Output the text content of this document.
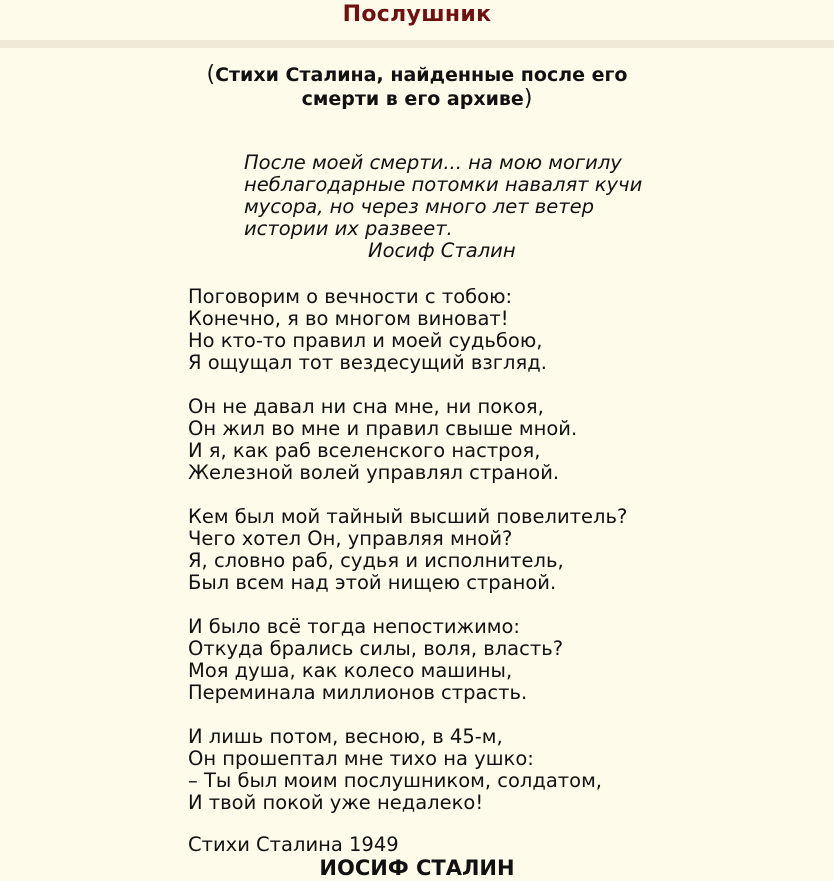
Послушник
(Стихи Сталина, найденные после его
смерти в его архиве)
После моей смерти... на мою могилу
неблагодарные потомки навалят кучи
мусора, но через много лет ветер
истории их развеет.
Иосиф Сталин
Поговорим о вечности с тобою:
Конечно, я во многом виноват!
Но кто-то правил и моей судьбою,
Я ощущал тот вездесущий взгляд.
Он не давал ни сна мне, ни покоя,
Он жил во мне и правил свыше мной.
И я, как раб вселенского настроя,
Железной волей управлял страной.
Кем был мой тайный высший повелитель?
Чего хотел Он, управляя мной?
Я, словно раб, судья и исполнитель,
Был всем над этой нищею страной.
И было всё тогда непостижимо:
Откуда брались силы, воля, власть?
Моя душа, как колесо машины,
Переминала миллионов страсть.
И лишь потом, весною, в 45-м,
Он прошептал мне тихо на ушко:
– Ты был моим послушником, солдатом,
И твой покой уже недалеко!
Стихи Сталина 1949
ИОСИФ СТАЛИН
